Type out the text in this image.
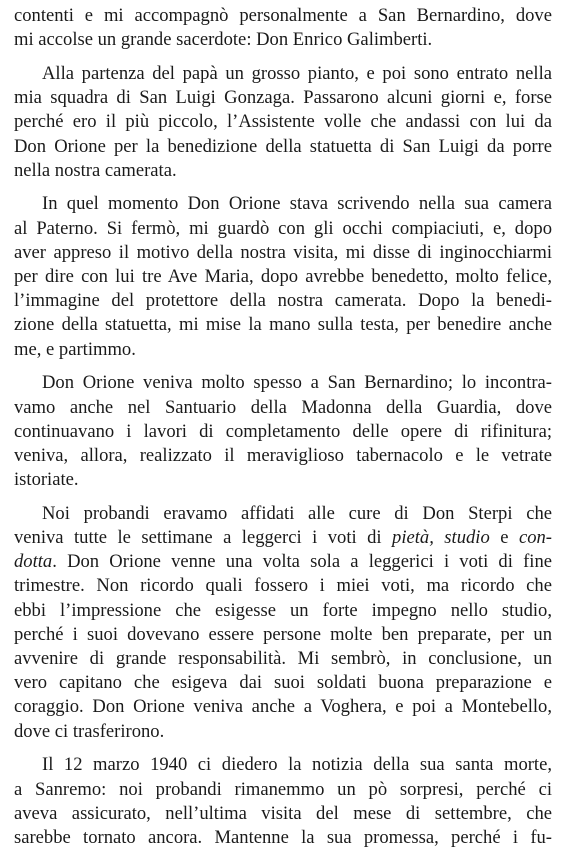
contenti e mi accompagnò personalmente a San Bernardino, dove
mi accolse un grande sacerdote: Don Enrico Galimberti.

Alla partenza del papà un grosso pianto, e poi sono entrato nella
mia squadra di San Luigi Gonzaga. Passarono alcuni giorni e, forse
perché ero il più piccolo, l’Assistente volle che andassi con lui da
Don Orione per la benedizione della statuetta di San Luigi da porre
nella nostra camerata.

In quel momento Don Orione stava scrivendo nella sua camera
al Paterno. Si fermò, mi guardò con gli occhi compiaciuti, e, dopo
aver appreso il motivo della nostra visita, mi disse di inginocchiarmi
per dire con lui tre Ave Maria, dopo avrebbe benedetto, molto felice,
l’immagine del protettore della nostra camerata. Dopo la benedi-
zione della statuetta, mi mise la mano sulla testa, per benedire anche
me, e partimmo.

Don Orione veniva molto spesso a San Bernardino; lo incontra-
vamo anche nel Santuario della Madonna della Guardia, dove
continuavano i lavori di completamento delle opere di rifinitura;
veniva, allora, realizzato il meraviglioso tabernacolo e le vetrate
istoriate.

Noi probandi eravamo affidati alle cure di Don Sterpi che
veniva tutte le settimane a leggerci i voti di pietà, studio e con-
dotta. Don Orione venne una volta sola a leggerici i voti di fine
trimestre. Non ricordo quali fossero i miei voti, ma ricordo che
ebbi l’impressione che esigesse un forte impegno nello studio,
perché i suoi dovevano essere persone molte ben preparate, per un
avvenire di grande responsabilità. Mi sembrò, in conclusione, un
vero capitano che esigeva dai suoi soldati buona preparazione e
coraggio. Don Orione veniva anche a Voghera, e poi a Montebello,
dove ci trasferirono.

Il 12 marzo 1940 ci diedero la notizia della sua santa morte,
a Sanremo: noi probandi rimanemmo un pò sorpresi, perché ci
aveva assicurato, nell’ultima visita del mese di settembre, che
sarebbe tornato ancora. Mantenne la sua promessa, perché i fu-
